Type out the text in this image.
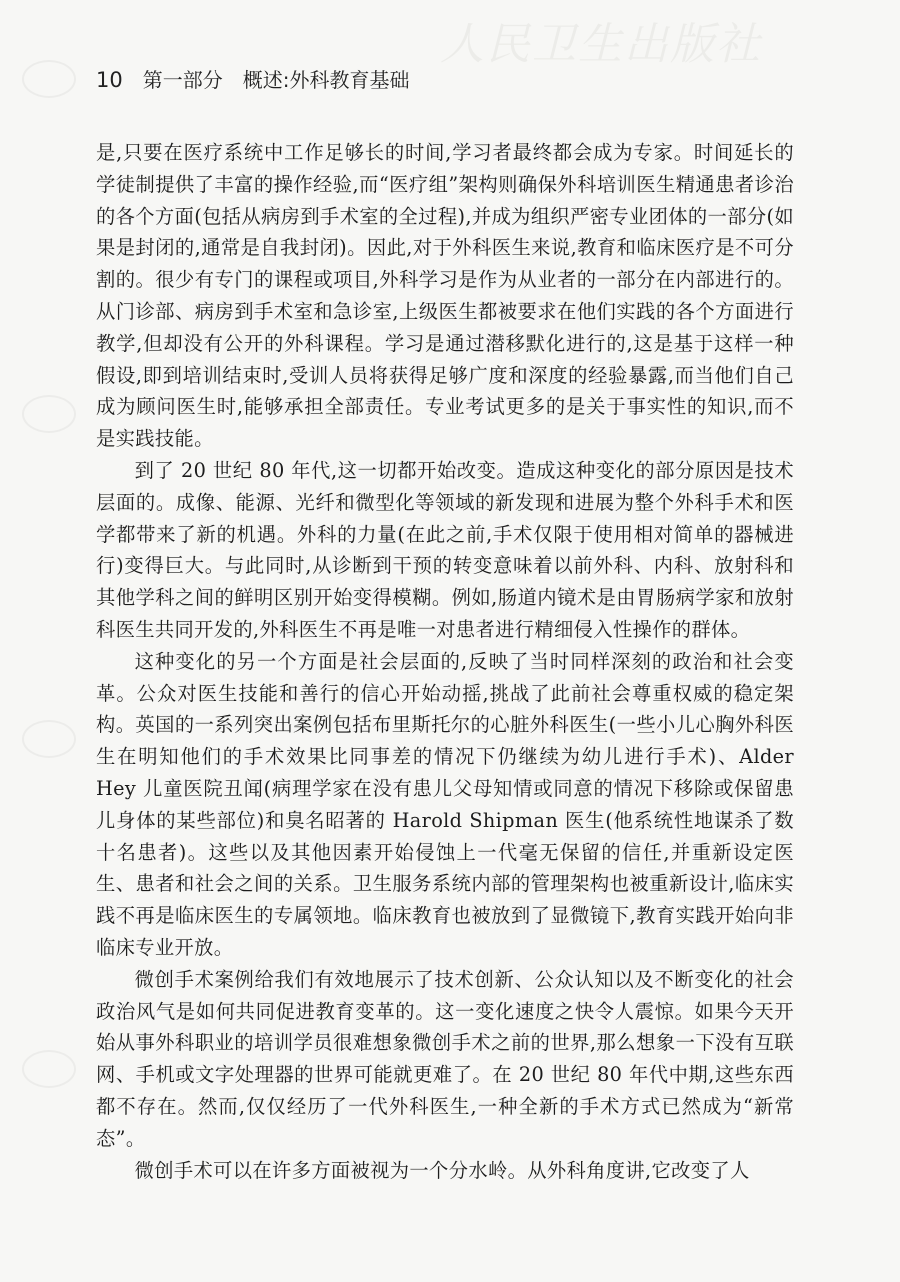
人民卫生出版社
10 第一部分 概述:外科教育基础

是,只要在医疗系统中工作足够长的时间,学习者最终都会成为专家。时间延长的学徒制提供了丰富的操作经验,而“医疗组”架构则确保外科培训医生精通患者诊治的各个方面(包括从病房到手术室的全过程),并成为组织严密专业团体的一部分(如果是封闭的,通常是自我封闭)。因此,对于外科医生来说,教育和临床医疗是不可分割的。很少有专门的课程或项目,外科学习是作为从业者的一部分在内部进行的。从门诊部、病房到手术室和急诊室,上级医生都被要求在他们实践的各个方面进行教学,但却没有公开的外科课程。学习是通过潜移默化进行的,这是基于这样一种假设,即到培训结束时,受训人员将获得足够广度和深度的经验暴露,而当他们自己成为顾问医生时,能够承担全部责任。专业考试更多的是关于事实性的知识,而不是实践技能。

到了 20 世纪 80 年代,这一切都开始改变。造成这种变化的部分原因是技术层面的。成像、能源、光纤和微型化等领域的新发现和进展为整个外科手术和医学都带来了新的机遇。外科的力量(在此之前,手术仅限于使用相对简单的器械进行)变得巨大。与此同时,从诊断到干预的转变意味着以前外科、内科、放射科和其他学科之间的鲜明区别开始变得模糊。例如,肠道内镜术是由胃肠病学家和放射科医生共同开发的,外科医生不再是唯一对患者进行精细侵入性操作的群体。

这种变化的另一个方面是社会层面的,反映了当时同样深刻的政治和社会变革。公众对医生技能和善行的信心开始动摇,挑战了此前社会尊重权威的稳定架构。英国的一系列突出案例包括布里斯托尔的心脏外科医生(一些小儿心胸外科医生在明知他们的手术效果比同事差的情况下仍继续为幼儿进行手术)、Alder Hey 儿童医院丑闻(病理学家在没有患儿父母知情或同意的情况下移除或保留患儿身体的某些部位)和臭名昭著的 Harold Shipman 医生(他系统性地谋杀了数十名患者)。这些以及其他因素开始侵蚀上一代毫无保留的信任,并重新设定医生、患者和社会之间的关系。卫生服务系统内部的管理架构也被重新设计,临床实践不再是临床医生的专属领地。临床教育也被放到了显微镜下,教育实践开始向非临床专业开放。

微创手术案例给我们有效地展示了技术创新、公众认知以及不断变化的社会政治风气是如何共同促进教育变革的。这一变化速度之快令人震惊。如果今天开始从事外科职业的培训学员很难想象微创手术之前的世界,那么想象一下没有互联网、手机或文字处理器的世界可能就更难了。在 20 世纪 80 年代中期,这些东西都不存在。然而,仅仅经历了一代外科医生,一种全新的手术方式已然成为“新常态”。

微创手术可以在许多方面被视为一个分水岭。从外科角度讲,它改变了人
